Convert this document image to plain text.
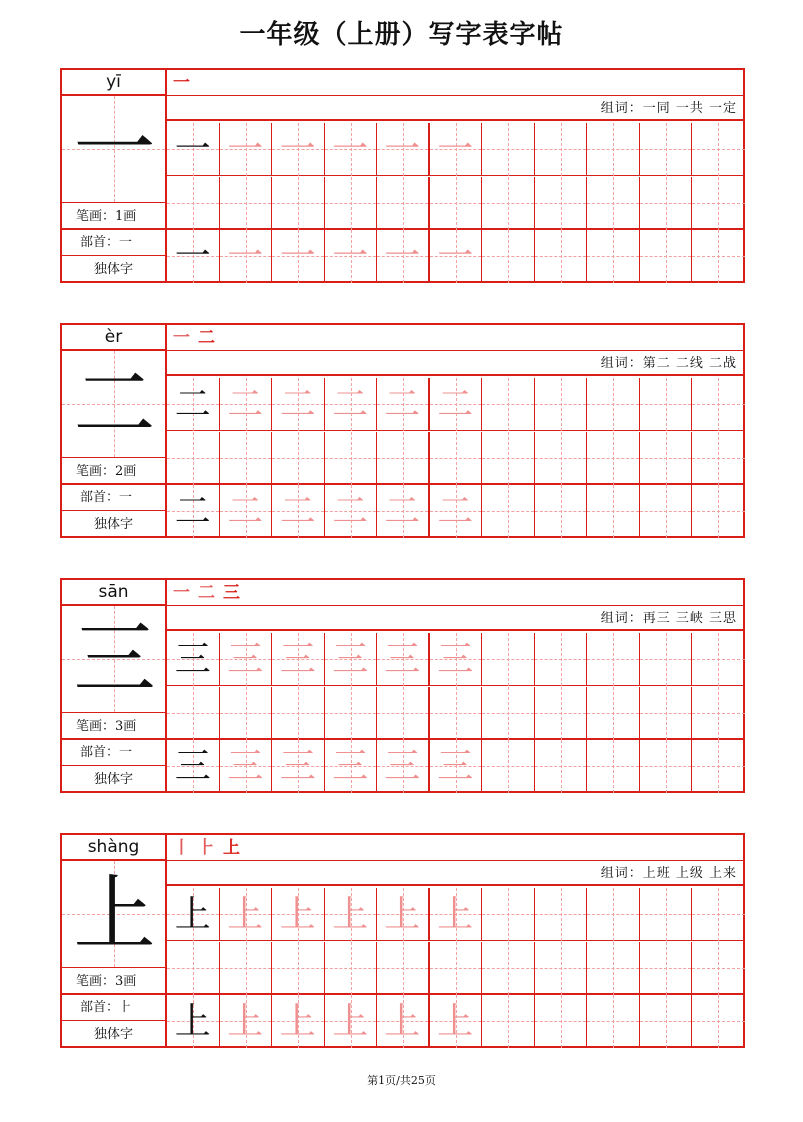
一年级（上册）写字表字帖
yī
一
笔画：1画
部首：一
独体字
一
组词：一同 一共 一定
一 一 一 一 一 一
一 一 一 一 一 一
èr
二
笔画：2画
部首：一
独体字
一二
组词：第二 二线 二战
二 二 二 二 二 二
二 二 二 二 二 二
sān
三
笔画：3画
部首：一
独体字
一二三
组词：再三 三峡 三思
三 三 三 三 三 三
三 三 三 三 三 三
shàng
上
笔画：3画
部首：⺊
独体字
丨⺊上
组词：上班 上级 上来
上 上 上 上 上 上
上 上 上 上 上 上
第1页/共25页
